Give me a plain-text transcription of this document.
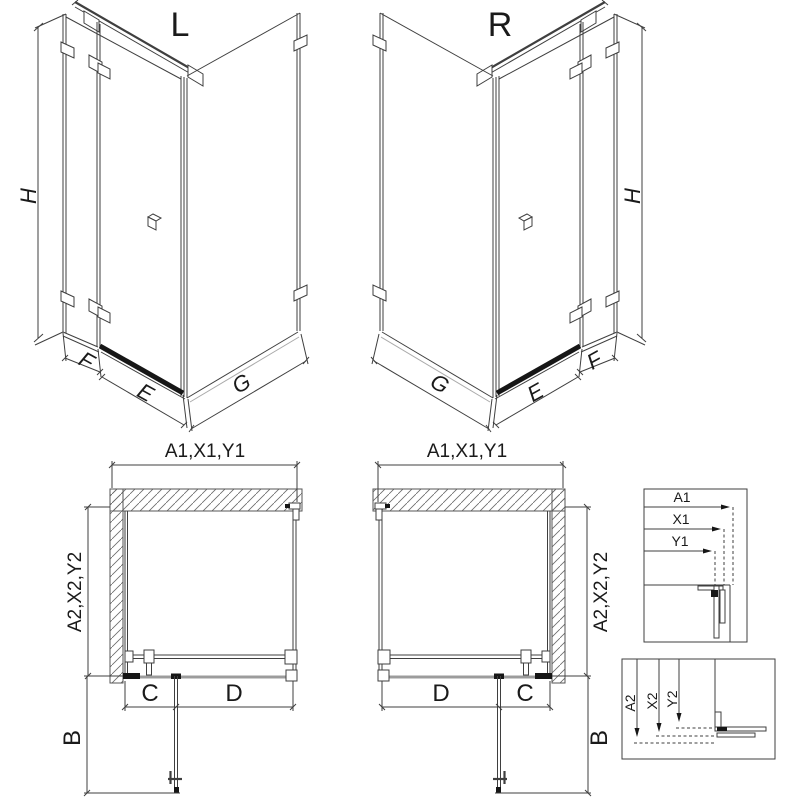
L
H
F
E	G
R
H
G	E
F
A1,X1,Y1
A2,X2,Y2
C	D
B
A1,X1,Y1
A2,X2,Y2
D	C
B
A1
X1
Y1
A2 X2 Y2
